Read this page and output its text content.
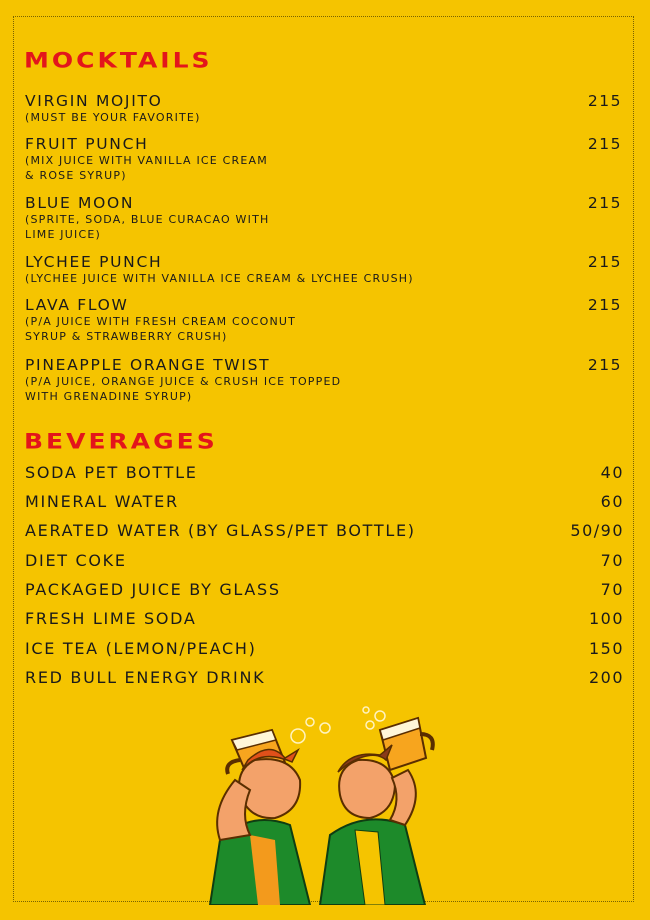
MOCKTAILS
VIRGIN MOJITO
(MUST BE YOUR FAVORITE)
215
FRUIT PUNCH
(MIX JUICE WITH VANILLA ICE CREAM
& ROSE SYRUP)
215
BLUE MOON
(SPRITE, SODA, BLUE CURACAO WITH
LIME JUICE)
215
LYCHEE PUNCH
(LYCHEE JUICE WITH VANILLA ICE CREAM & LYCHEE CRUSH)
215
LAVA FLOW
(P/A JUICE WITH FRESH CREAM COCONUT
SYRUP & STRAWBERRY CRUSH)
215
PINEAPPLE ORANGE TWIST
(P/A JUICE, ORANGE JUICE & CRUSH ICE TOPPED
WITH GRENADINE SYRUP)
215
BEVERAGES
SODA PET BOTTLE	40
MINERAL WATER	60
AERATED WATER (BY GLASS/PET BOTTLE)	50/90
DIET COKE	70
PACKAGED JUICE BY GLASS	70
FRESH LIME SODA	100
ICE TEA (LEMON/PEACH)	150
RED BULL ENERGY DRINK	200
